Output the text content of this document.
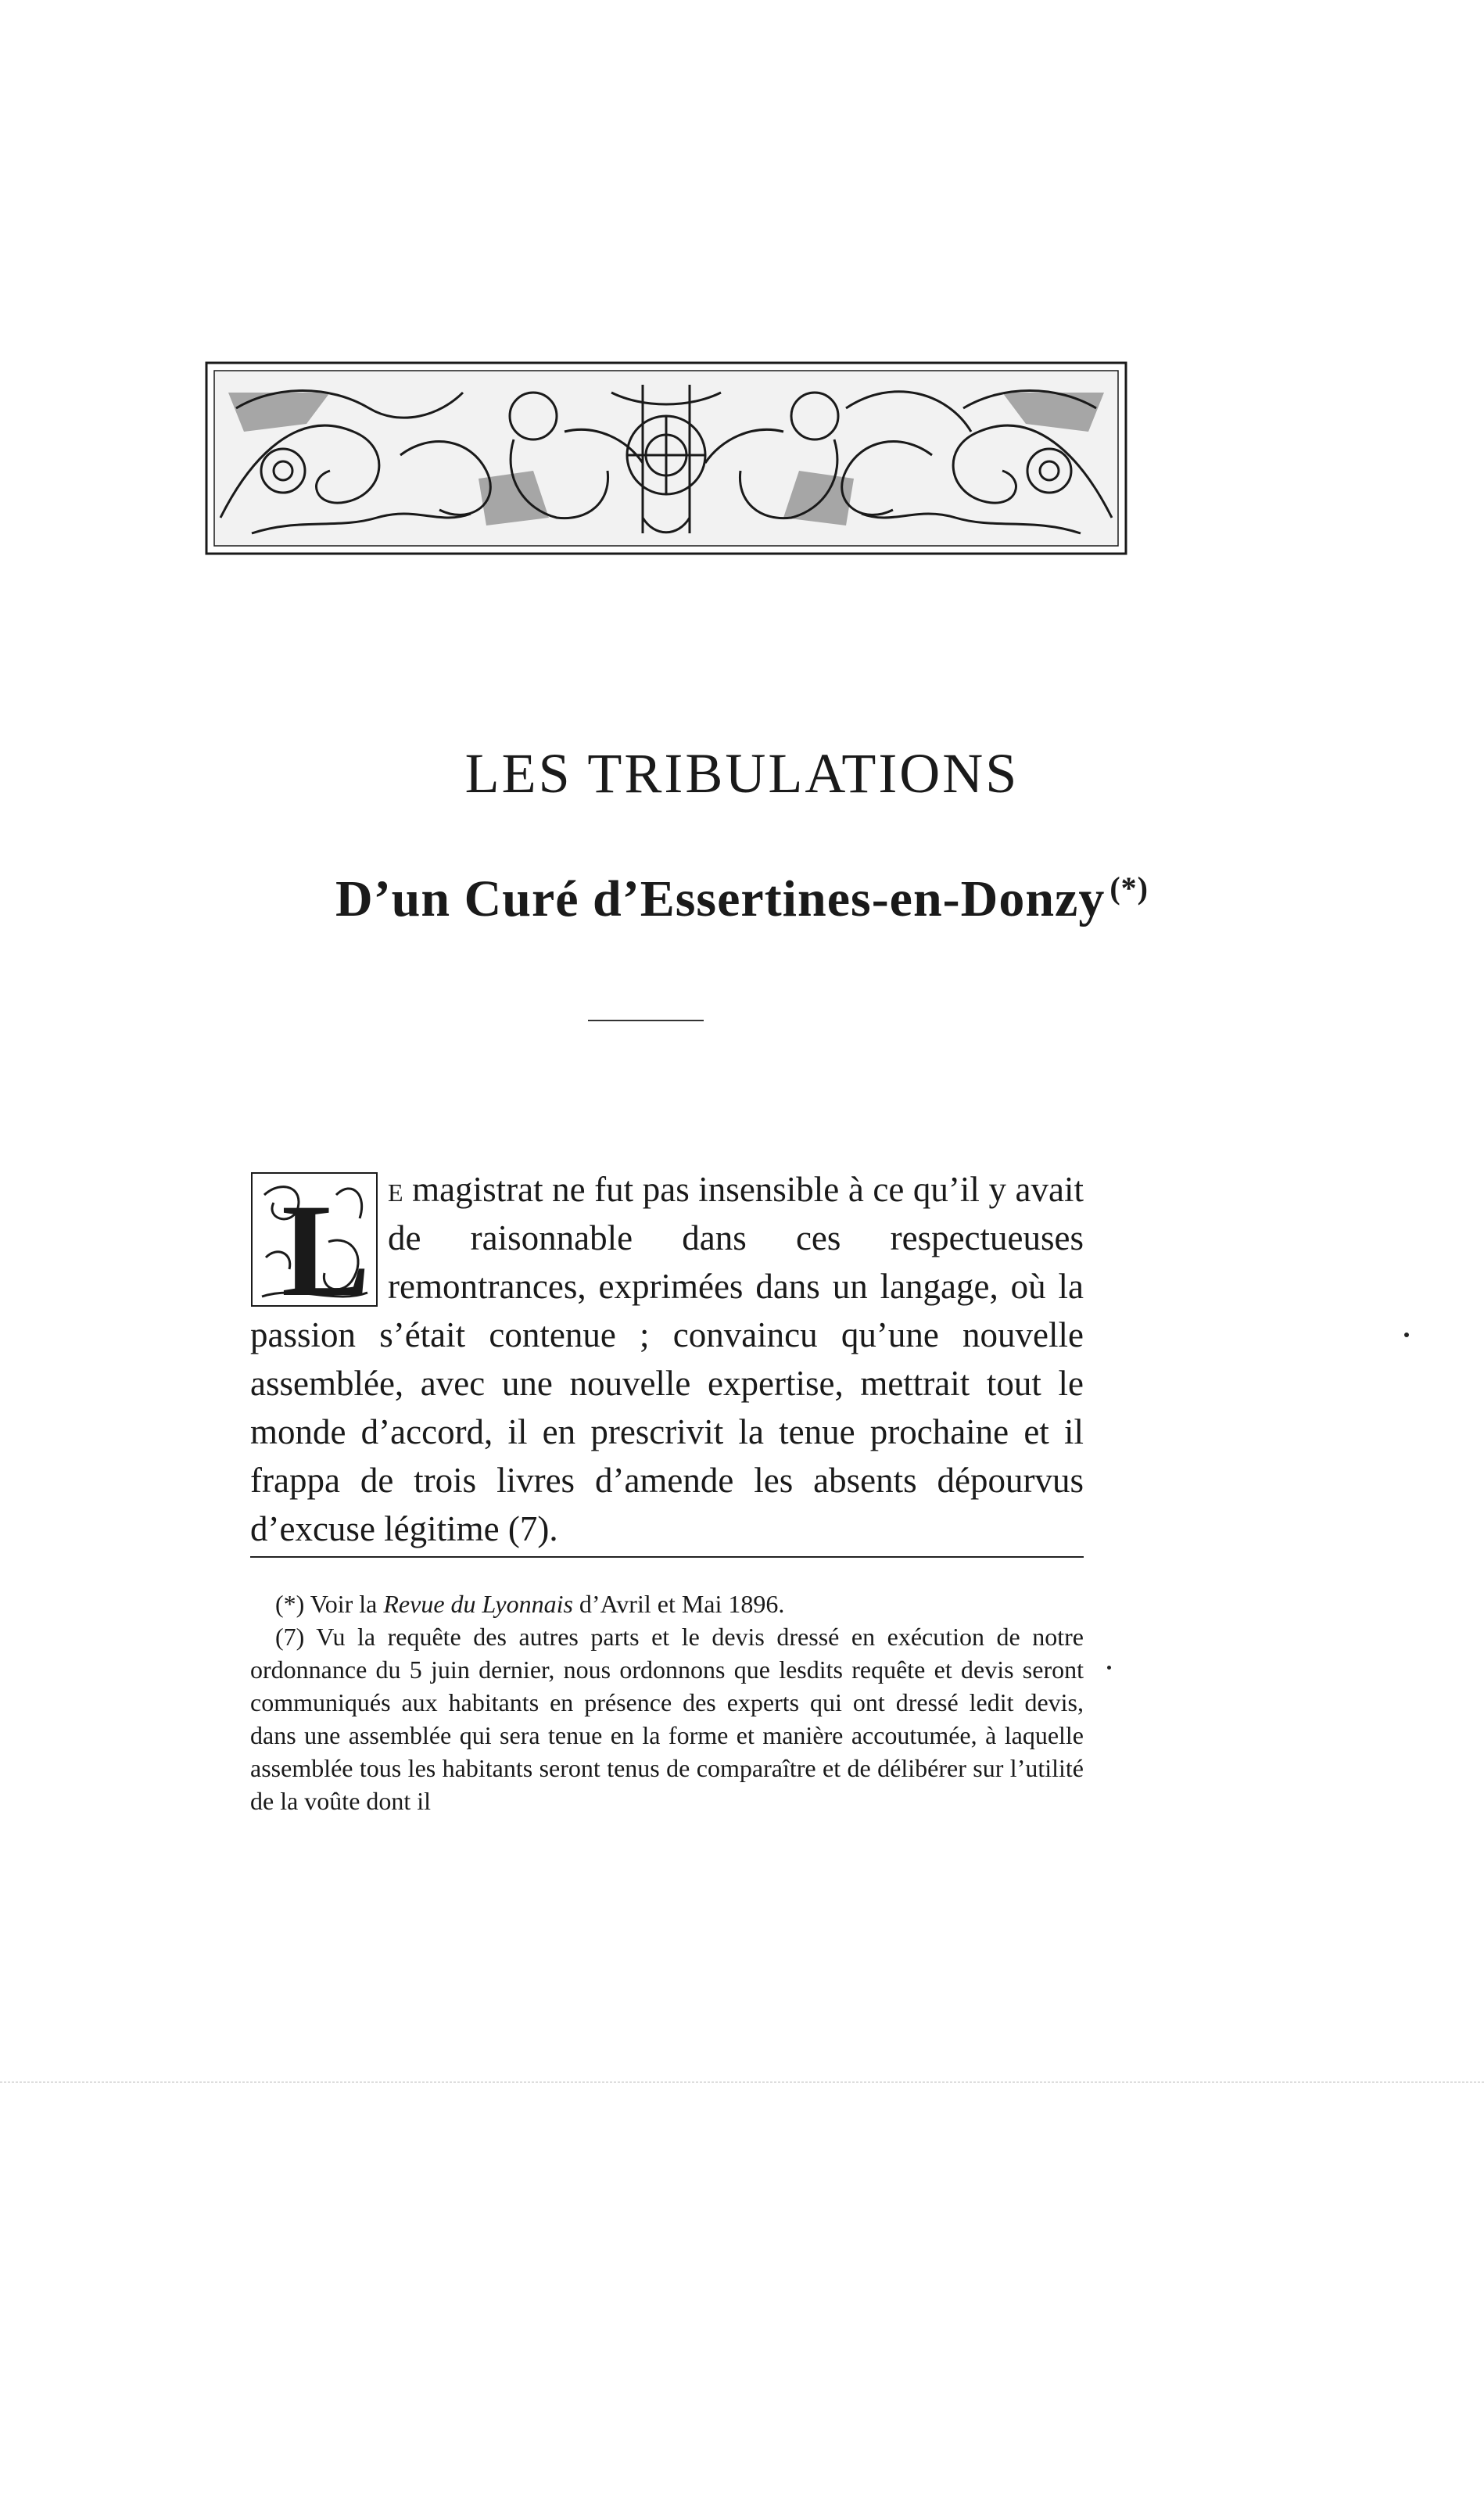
LES TRIBULATIONS
D’un Curé d’Essertines-en-Donzy (*)
L e magistrat ne fut pas insensible à ce qu’il y avait de raisonnable dans ces respectueuses remontrances, exprimées dans un langage, où la passion s’était contenue ; convaincu qu’une nouvelle assemblée, avec une nouvelle expertise, mettrait tout le monde d’accord, il en prescrivit la tenue prochaine et il frappa de trois livres d’amende les absents dépourvus d’excuse légitime (7).

(*) Voir la Revue du Lyonnais d’Avril et Mai 1896.

(7) Vu la requête des autres parts et le devis dressé en exécution de notre ordonnance du 5 juin dernier, nous ordonnons que lesdits requête et devis seront communiqués aux habitants en présence des experts qui ont dressé ledit devis, dans une assemblée qui sera tenue en la forme et manière accoutumée, à laquelle assemblée tous les habitants seront tenus de comparaître et de délibérer sur l’utilité de la voûte dont il
